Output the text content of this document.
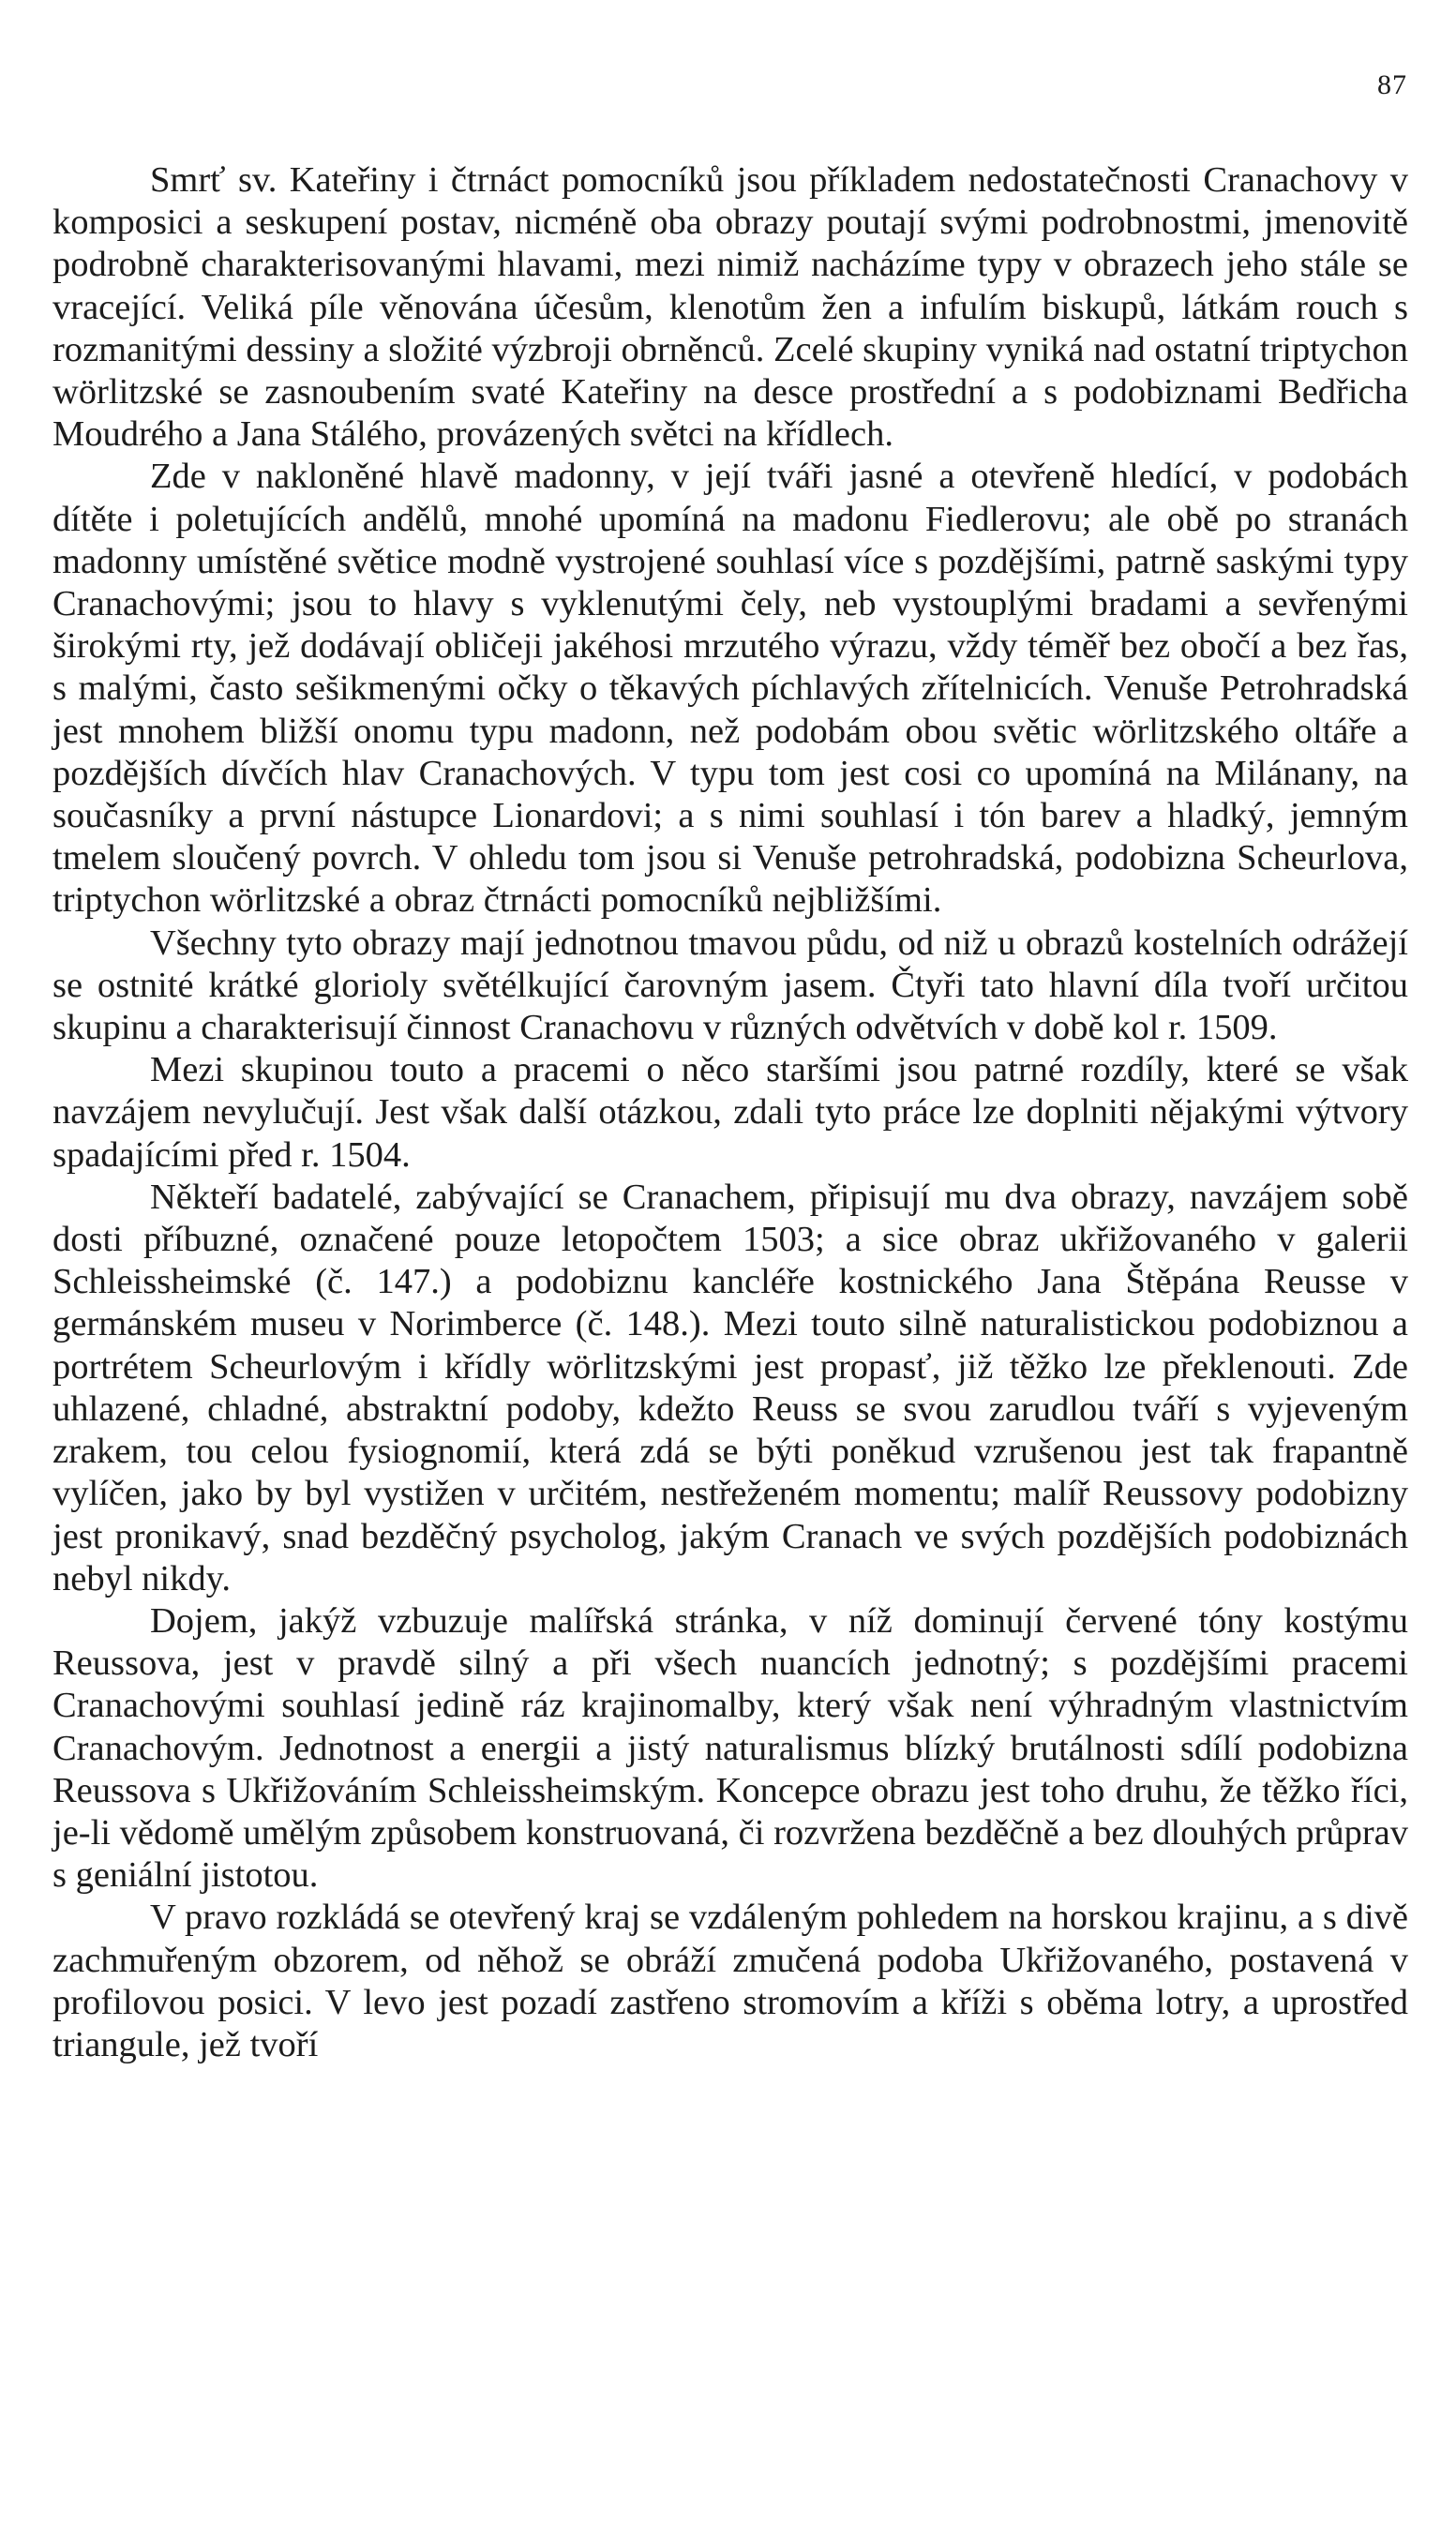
87

Smrť sv. Kateřiny i čtrnáct pomocníků jsou příkladem nedostatečnosti Cranachovy v komposici a seskupení postav, nicméně oba obrazy poutají svými podrobnostmi, jmenovitě podrobně charakterisovanými hlavami, mezi nimiž nacházíme typy v obrazech jeho stále se vracející. Veliká píle věnována účesům, klenotům žen a infulím biskupů, látkám rouch s rozmanitými dessiny a složité výzbroji obrněnců. Zcelé skupiny vyniká nad ostatní triptychon wörlitzské se zasnoubením svaté Kateřiny na desce prostřední a s podobiznami Bedřicha Moudrého a Jana Stálého, provázených světci na křídlech.

Zde v nakloněné hlavě madonny, v její tváři jasné a otevřeně hledící, v podobách dítěte i poletujících andělů, mnohé upomíná na madonu Fiedlerovu; ale obě po stranách madonny umístěné světice modně vystrojené souhlasí více s pozdějšími, patrně saskými typy Cranachovými; jsou to hlavy s vyklenutými čely, neb vystouplými bradami a sevřenými širokými rty, jež dodávají obličeji jakéhosi mrzutého výrazu, vždy téměř bez obočí a bez řas, s malými, často sešikmenými očky o těkavých píchlavých zřítelnicích. Venuše Petrohradská jest mnohem bližší onomu typu madonn, než podobám obou světic wörlitzského oltáře a pozdějších dívčích hlav Cranachových. V typu tom jest cosi co upomíná na Milánany, na současníky a první nástupce Lionardovi; a s nimi souhlasí i tón barev a hladký, jemným tmelem sloučený povrch. V ohledu tom jsou si Venuše petrohradská, podobizna Scheurlova, triptychon wörlitzské a obraz čtrnácti pomocníků nejbližšími.

Všechny tyto obrazy mají jednotnou tmavou půdu, od niž u obrazů kostelních odrážejí se ostnité krátké glorioly světélkující čarovným jasem. Čtyři tato hlavní díla tvoří určitou skupinu a charakterisují činnost Cranachovu v různých odvětvích v době kol r. 1509.

Mezi skupinou touto a pracemi o něco staršími jsou patrné rozdíly, které se však navzájem nevylučují. Jest však další otázkou, zdali tyto práce lze doplniti nějakými výtvory spadajícími před r. 1504.

Někteří badatelé, zabývající se Cranachem, připisují mu dva obrazy, navzájem sobě dosti příbuzné, označené pouze letopočtem 1503; a sice obraz ukřižovaného v galerii Schleissheimské (č. 147.) a podobiznu kancléře kostnického Jana Štěpána Reusse v germánském museu v Norimberce (č. 148.). Mezi touto silně naturalistickou podobiznou a portrétem Scheurlovým i křídly wörlitzskými jest propasť, již těžko lze překlenouti. Zde uhlazené, chladné, abstraktní podoby, kdežto Reuss se svou zarudlou tváří s vyjeveným zrakem, tou celou fysiognomií, která zdá se býti poněkud vzrušenou jest tak frapantně vylíčen, jako by byl vystižen v určitém, nestřeženém momentu; malíř Reussovy podobizny jest pronikavý, snad bezděčný psycholog, jakým Cranach ve svých pozdějších podobiznách nebyl nikdy.

Dojem, jakýž vzbuzuje malířská stránka, v níž dominují červené tóny kostýmu Reussova, jest v pravdě silný a při všech nuancích jednotný; s pozdějšími pracemi Cranachovými souhlasí jedině ráz krajinomalby, který však není výhradným vlastnictvím Cranachovým. Jednotnost a energii a jistý naturalismus blízký brutálnosti sdílí podobizna Reussova s Ukřižováním Schleissheimským. Koncepce obrazu jest toho druhu, že těžko říci, je-li vědomě umělým způsobem konstruovaná, či rozvržena bezděčně a bez dlouhých průprav s geniální jistotou.

V pravo rozkládá se otevřený kraj se vzdáleným pohledem na horskou krajinu, a s divě zachmuřeným obzorem, od něhož se obráží zmučená podoba Ukřižovaného, postavená v profilovou posici. V levo jest pozadí zastřeno stromovím a kříži s oběma lotry, a uprostřed triangule, jež tvoří
